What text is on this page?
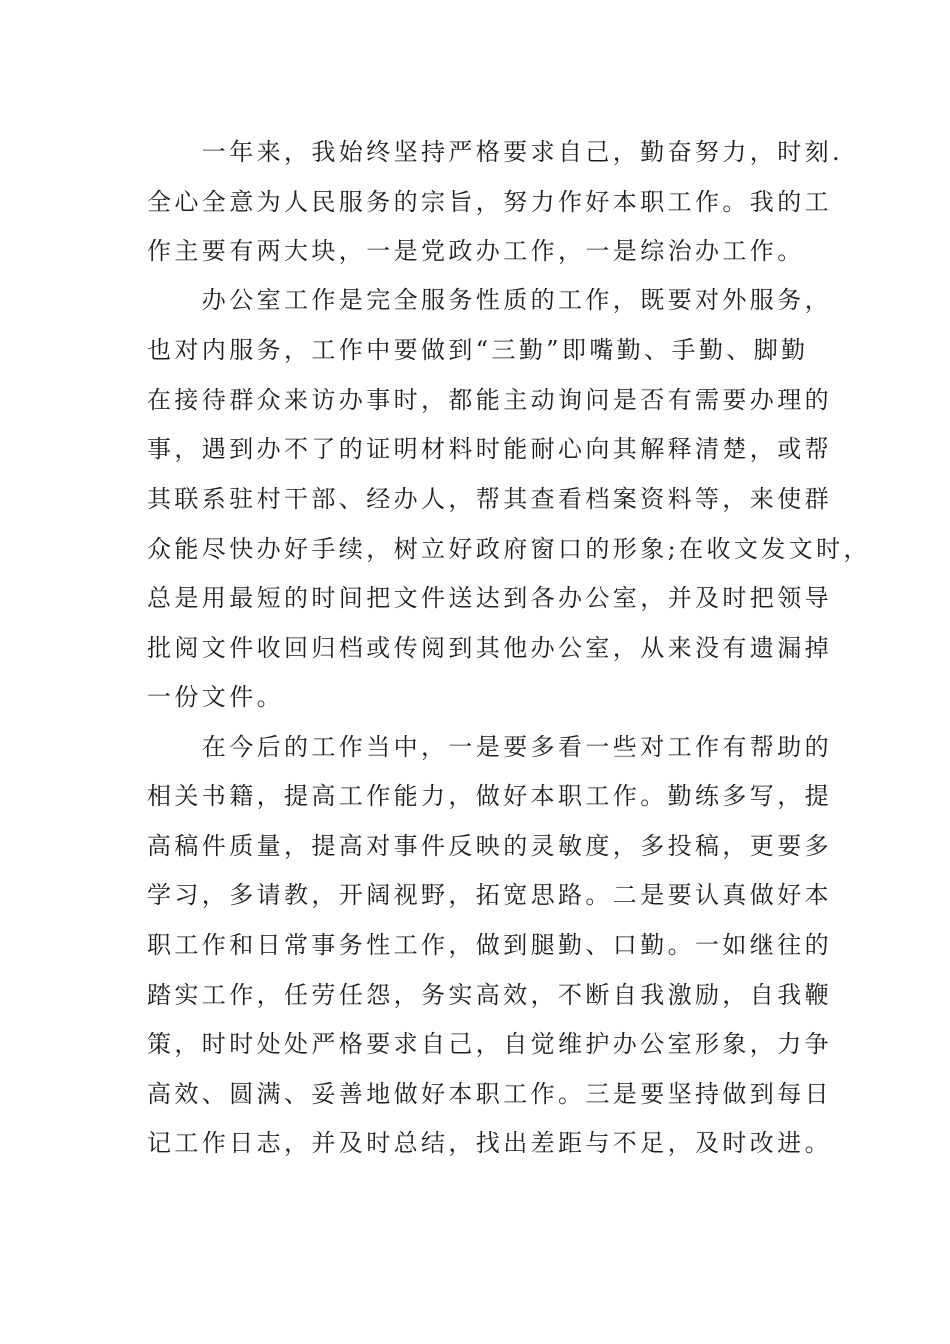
　　一年来，我始终坚持严格要求自己，勤奋努力，时刻.
全心全意为人民服务的宗旨，努力作好本职工作。我的工
作主要有两大块，一是党政办工作，一是综治办工作。
　　办公室工作是完全服务性质的工作，既要对外服务，
也对内服务，工作中要做到“三勤”即嘴勤、手勤、脚勤
在接待群众来访办事时，都能主动询问是否有需要办理的
事，遇到办不了的证明材料时能耐心向其解释清楚，或帮
其联系驻村干部、经办人，帮其查看档案资料等，来使群
众能尽快办好手续，树立好政府窗口的形象;在收文发文时，
总是用最短的时间把文件送达到各办公室，并及时把领导
批阅文件收回归档或传阅到其他办公室，从来没有遗漏掉
一份文件。
　　在今后的工作当中，一是要多看一些对工作有帮助的
相关书籍，提高工作能力，做好本职工作。勤练多写，提
高稿件质量，提高对事件反映的灵敏度，多投稿，更要多
学习，多请教，开阔视野，拓宽思路。二是要认真做好本
职工作和日常事务性工作，做到腿勤、口勤。一如继往的
踏实工作，任劳任怨，务实高效，不断自我激励，自我鞭
策，时时处处严格要求自己，自觉维护办公室形象，力争
高效、圆满、妥善地做好本职工作。三是要坚持做到每日
记工作日志，并及时总结，找出差距与不足，及时改进。
